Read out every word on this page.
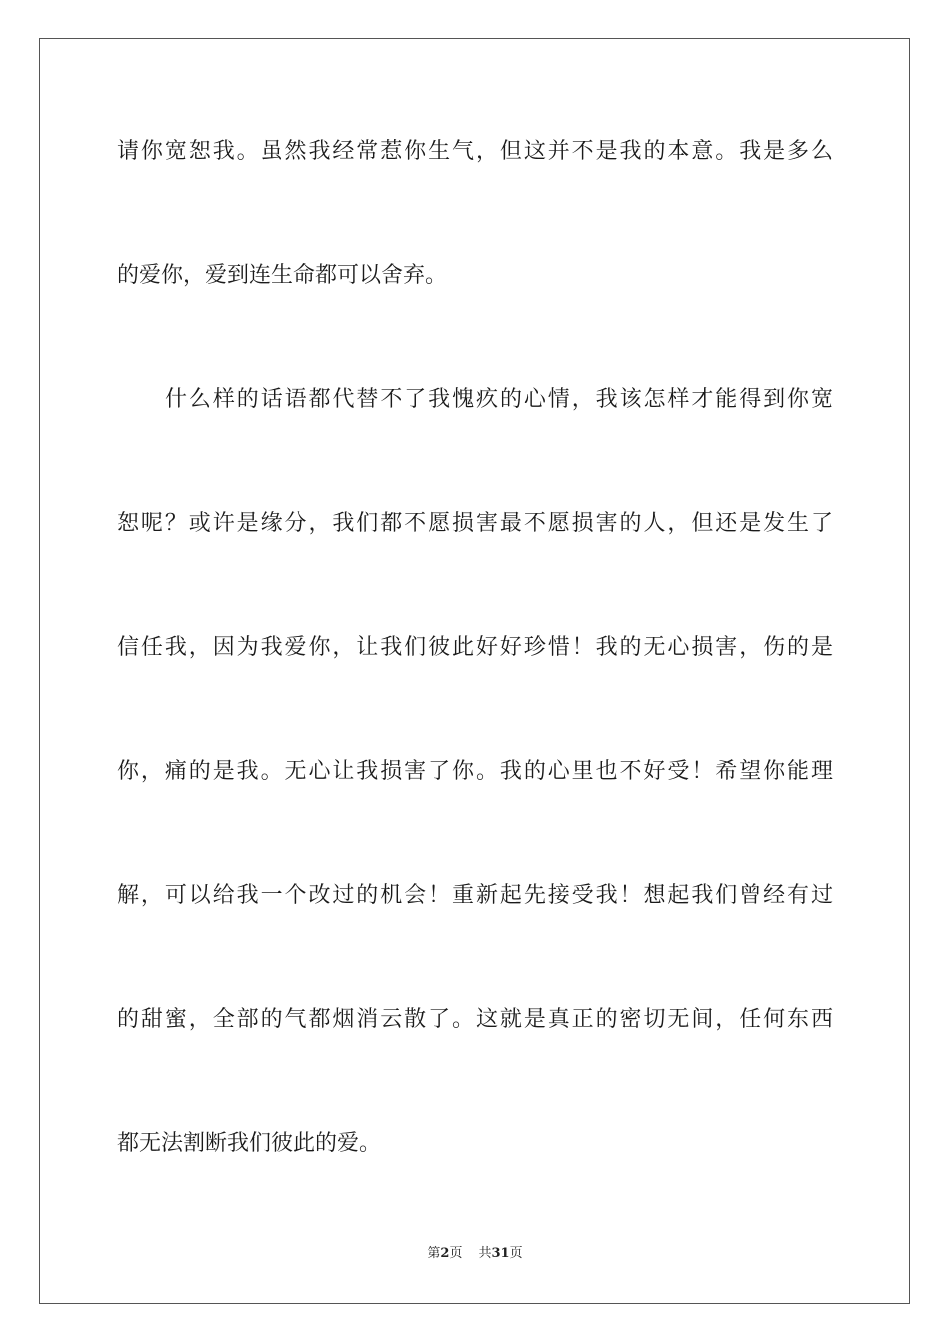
请你宽恕我。虽然我经常惹你生气，但这并不是我的本意。我是多么
的爱你，爱到连生命都可以舍弃。
什么样的话语都代替不了我愧疚的心情，我该怎样才能得到你宽
恕呢？或许是缘分，我们都不愿损害最不愿损害的人，但还是发生了
信任我，因为我爱你，让我们彼此好好珍惜！我的无心损害，伤的是
你，痛的是我。无心让我损害了你。我的心里也不好受！希望你能理
解，可以给我一个改过的机会！重新起先接受我！想起我们曾经有过
的甜蜜，全部的气都烟消云散了。这就是真正的密切无间，任何东西
都无法割断我们彼此的爱。
第2页 共31页
